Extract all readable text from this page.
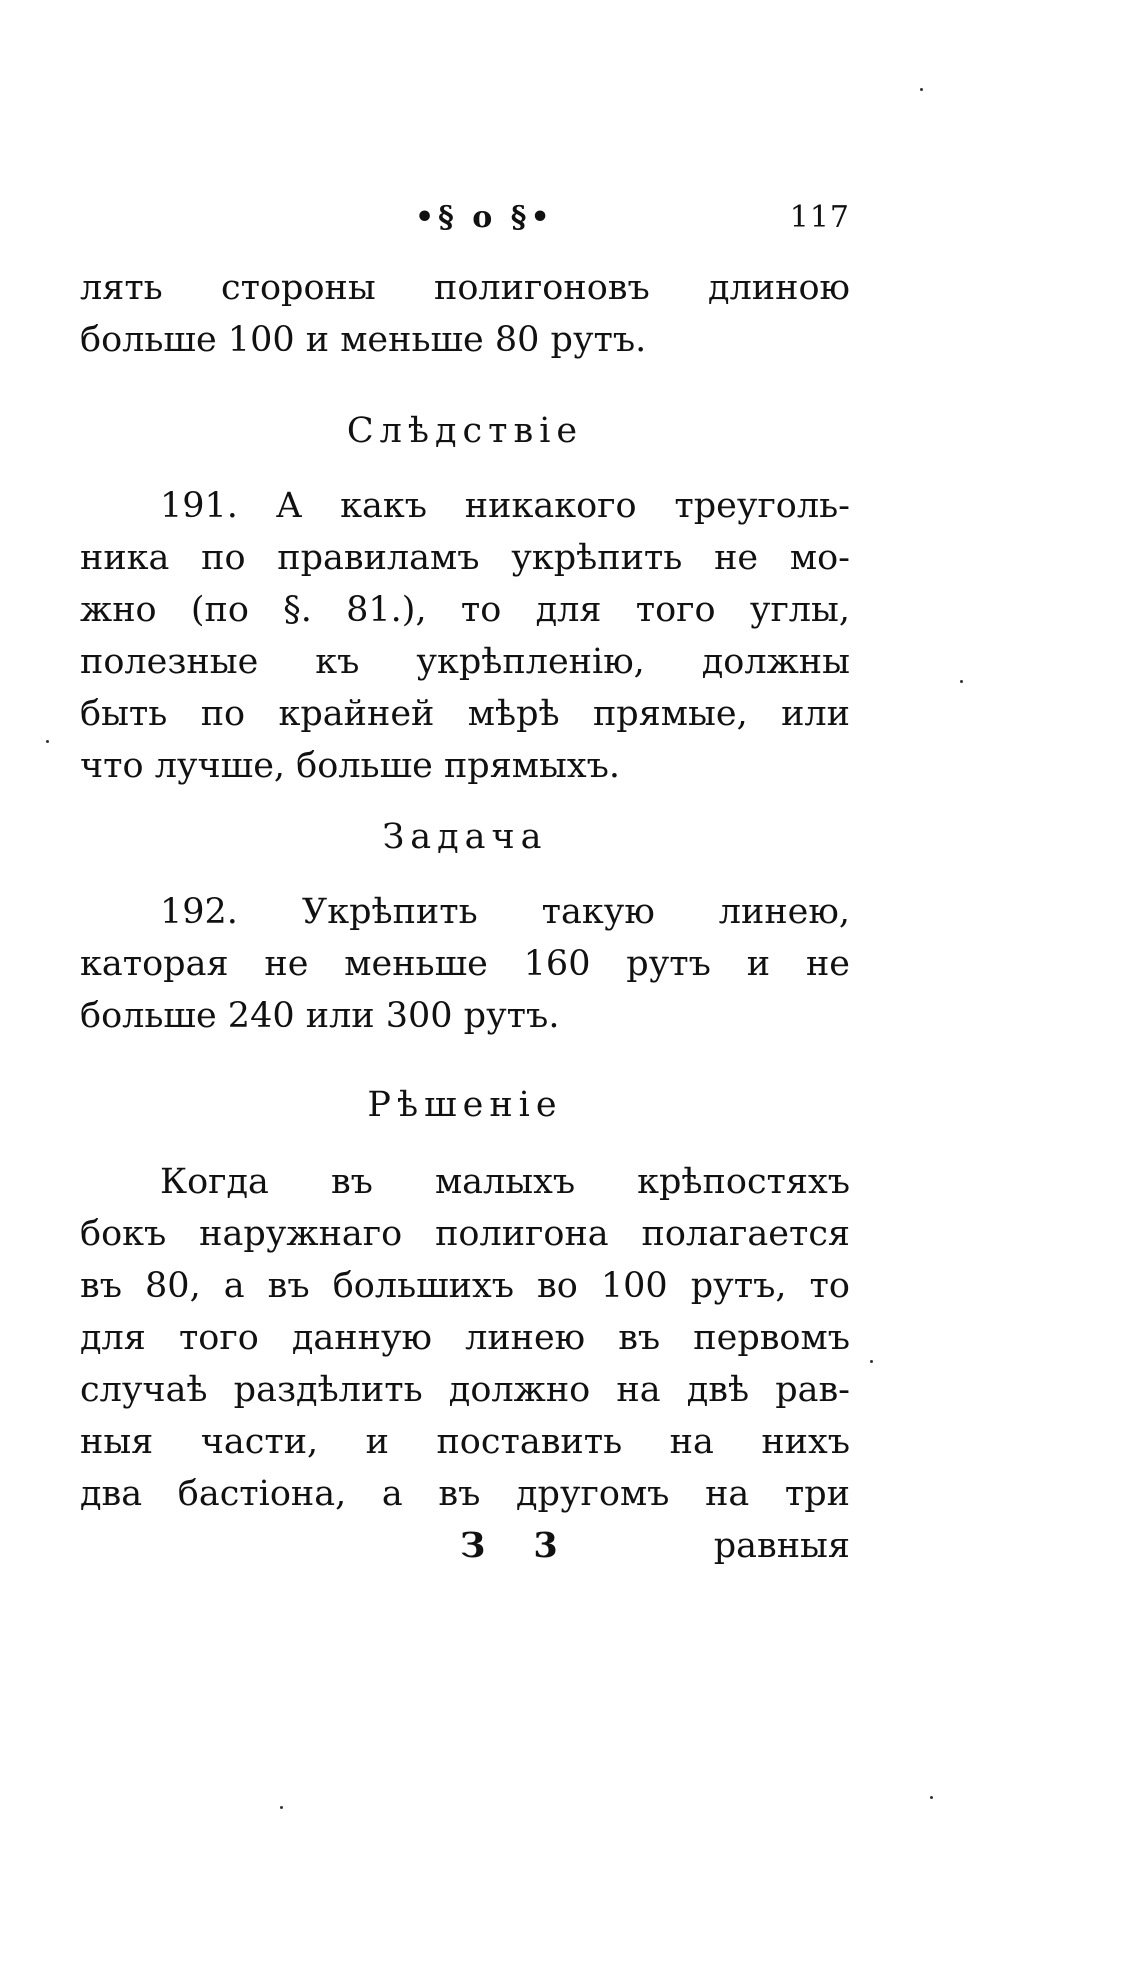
•§ o §•	117
лять стороны полигоновъ длиною
больше 100 и меньше 80 рутъ.
Слѣдствіе
191. А какъ никакого треуголь-
ника по правиламъ укрѣпить не мо-
жно (по §. 81.), то для того углы,
полезные къ укрѣпленію, должны
быть по крайней мѣрѣ прямые, или
что лучше, больше прямыхъ.
Задача
192. Укрѣпить такую линею,
каторая не меньше 160 рутъ и не
больше 240 или 300 рутъ.
Рѣшеніе
Когда въ малыхъ крѣпостяхъ
бокъ наружнаго полигона полагается
въ 80, а въ большихъ во 100 рутъ, то
для того данную линею въ первомъ
случаѣ раздѣлить должно на двѣ рав-
ныя части, и поставить на нихъ
два бастіона, а въ другомъ на три
З 3	равныя
